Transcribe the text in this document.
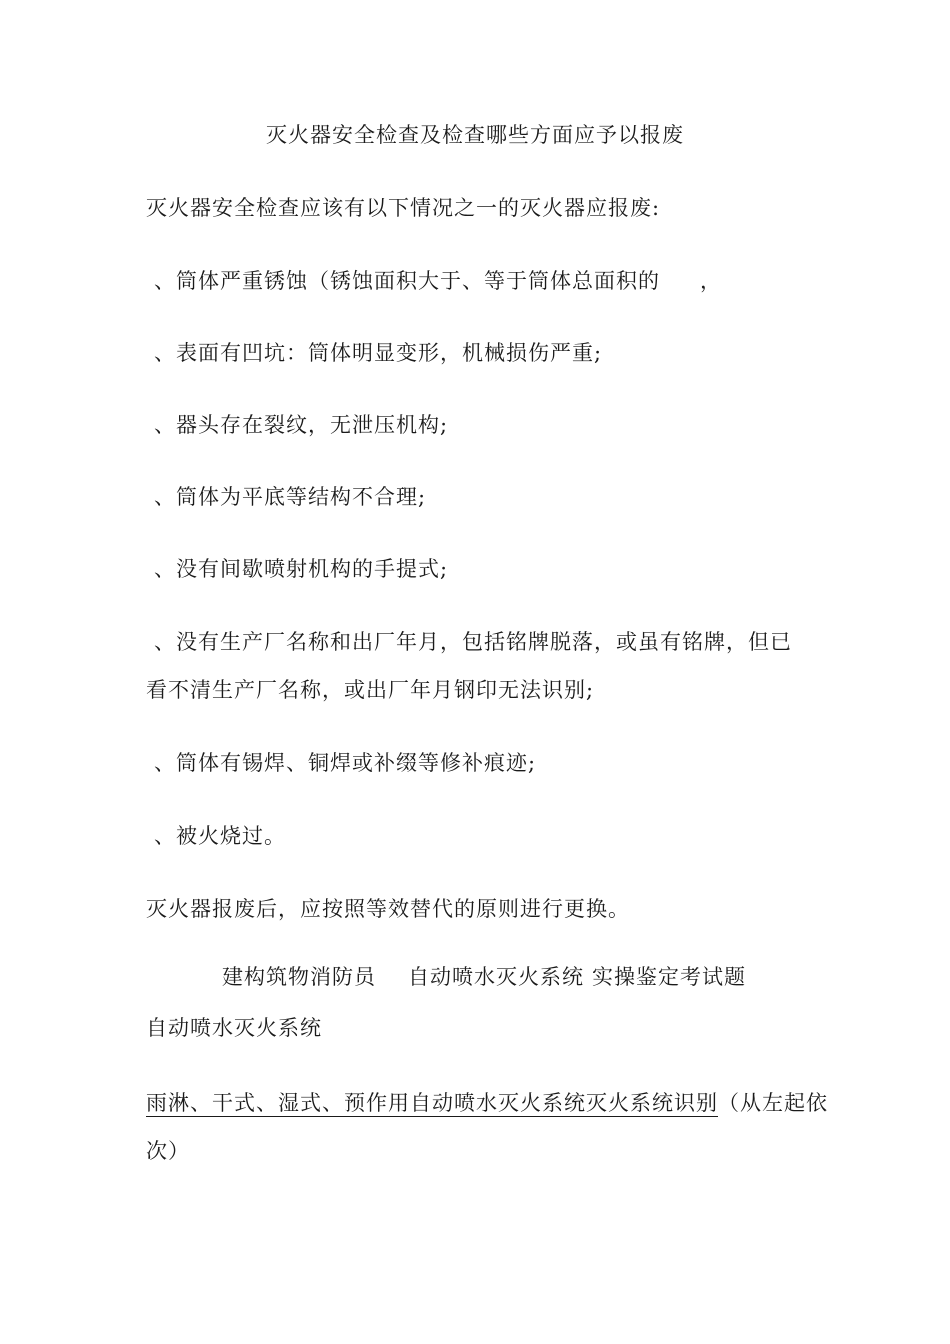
灭火器安全检查及检查哪些方面应予以报废
灭火器安全检查应该有以下情况之一的灭火器应报废:
、筒体严重锈蚀（锈蚀面积大于、等于筒体总面积的 ，
、表面有凹坑：筒体明显变形，机械损伤严重;
、器头存在裂纹，无泄压机构;
、筒体为平底等结构不合理;
、没有间歇喷射机构的手提式;
、没有生产厂名称和出厂年月，包括铭牌脱落，或虽有铭牌，但已
看不清生产厂名称，或出厂年月钢印无法识别;
、筒体有锡焊、铜焊或补缀等修补痕迹;
、被火烧过。
灭火器报废后，应按照等效替代的原则进行更换。
建构筑物消防员 自动喷水灭火系统 实操鉴定考试题
自动喷水灭火系统
雨淋、干式、湿式、预作用自动喷水灭火系统灭火系统识别（从左起依
次）
